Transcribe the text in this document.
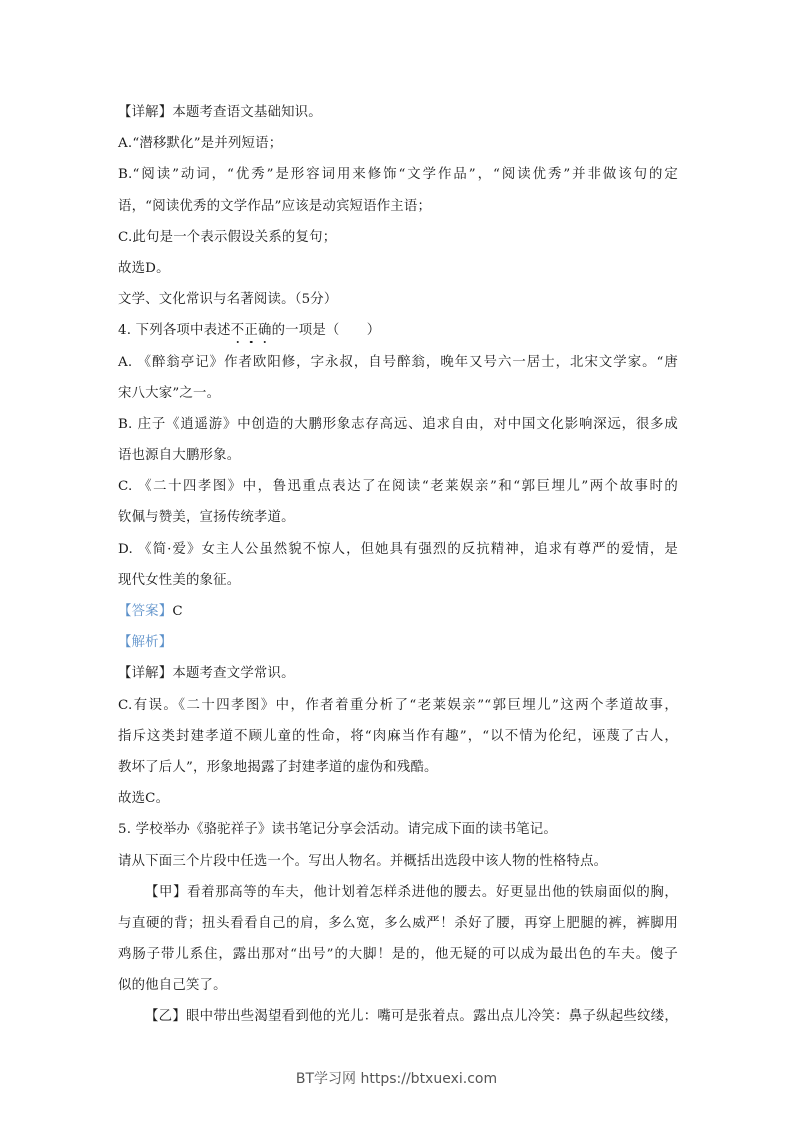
【详解】本题考查语文基础知识。
A.“潜移默化”是并列短语；
B.“阅读”动词，“优秀”是形容词用来修饰“文学作品”，“阅读优秀”并非做该句的定
语，“阅读优秀的文学作品”应该是动宾短语作主语；
C.此句是一个表示假设关系的复句；
故选D。
文学、文化常识与名著阅读。（5分）
4. 下列各项中表述不正确的一项是（　　）
A. 《醉翁亭记》作者欧阳修，字永叔，自号醉翁，晚年又号六一居士，北宋文学家。“唐
宋八大家”之一。
B. 庄子《逍遥游》中创造的大鹏形象志存高远、追求自由，对中国文化影响深远，很多成
语也源自大鹏形象。
C. 《二十四孝图》中，鲁迅重点表达了在阅读“老莱娱亲”和“郭巨埋儿”两个故事时的
钦佩与赞美，宣扬传统孝道。
D. 《简·爱》女主人公虽然貌不惊人，但她具有强烈的反抗精神，追求有尊严的爱情，是
现代女性美的象征。
【答案】C
【解析】
【详解】本题考查文学常识。
C.有误。《二十四孝图》中，作者着重分析了“老莱娱亲”“郭巨埋儿”这两个孝道故事，
指斥这类封建孝道不顾儿童的性命，将“肉麻当作有趣”，“以不情为伦纪，诬蔑了古人，
教坏了后人”，形象地揭露了封建孝道的虚伪和残酷。
故选C。
5. 学校举办《骆驼祥子》读书笔记分享会活动。请完成下面的读书笔记。
请从下面三个片段中任选一个。写出人物名。并概括出选段中该人物的性格特点。
【甲】看着那高等的车夫，他计划着怎样杀进他的腰去。好更显出他的铁扇面似的胸，
与直硬的背；扭头看看自己的肩，多么宽，多么威严！杀好了腰，再穿上肥腿的裤，裤脚用
鸡肠子带儿系住，露出那对“出号”的大脚！是的，他无疑的可以成为最出色的车夫。傻子
似的他自己笑了。
【乙】眼中带出些渴望看到他的光儿：嘴可是张着点。露出点儿冷笑：鼻子纵起些纹缕，
BT学习网 https://btxuexi.com
